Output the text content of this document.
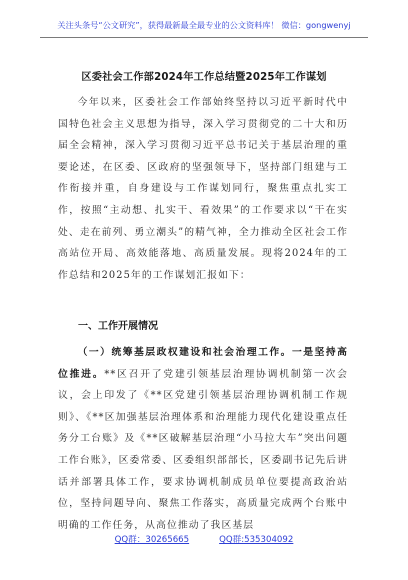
关注头条号“公文研究”，获得最新最全最专业的公文资料库！ 微信：gongwenyj
区委社会工作部2024年工作总结暨2025年工作谋划
今年以来，区委社会工作部始终坚持以习近平新时代中国特色社会主义思想为指导，深入学习贯彻党的二十大和历届全会精神，深入学习贯彻习近平总书记关于基层治理的重要论述，在区委、区政府的坚强领导下，坚持部门组建与工作衔接并重，自身建设与工作谋划同行，聚焦重点扎实工作，按照“主动想、扎实干、看效果”的工作要求以“干在实处、走在前列、勇立潮头”的精气神，全力推动全区社会工作高站位开局、高效能落地、高质量发展。现将2024年的工作总结和2025年的工作谋划汇报如下：
一、工作开展情况
（一）统筹基层政权建设和社会治理工作。一是坚持高位推进。**区召开了党建引领基层治理协调机制第一次会议，会上印发了《**区党建引领基层治理协调机制工作规则》、《**区加强基层治理体系和治理能力现代化建设重点任务分工台账》及《**区破解基层治理“小马拉大车”突出问题工作台账》，区委常委、区委组织部部长，区委副书记先后讲话并部署具体工作，要求协调机制成员单位要提高政治站位，坚持问题导向、聚焦工作落实，高质量完成两个台账中明确的工作任务，从高位推动了我区基层
QQ群：30265665	QQ群:535304092
